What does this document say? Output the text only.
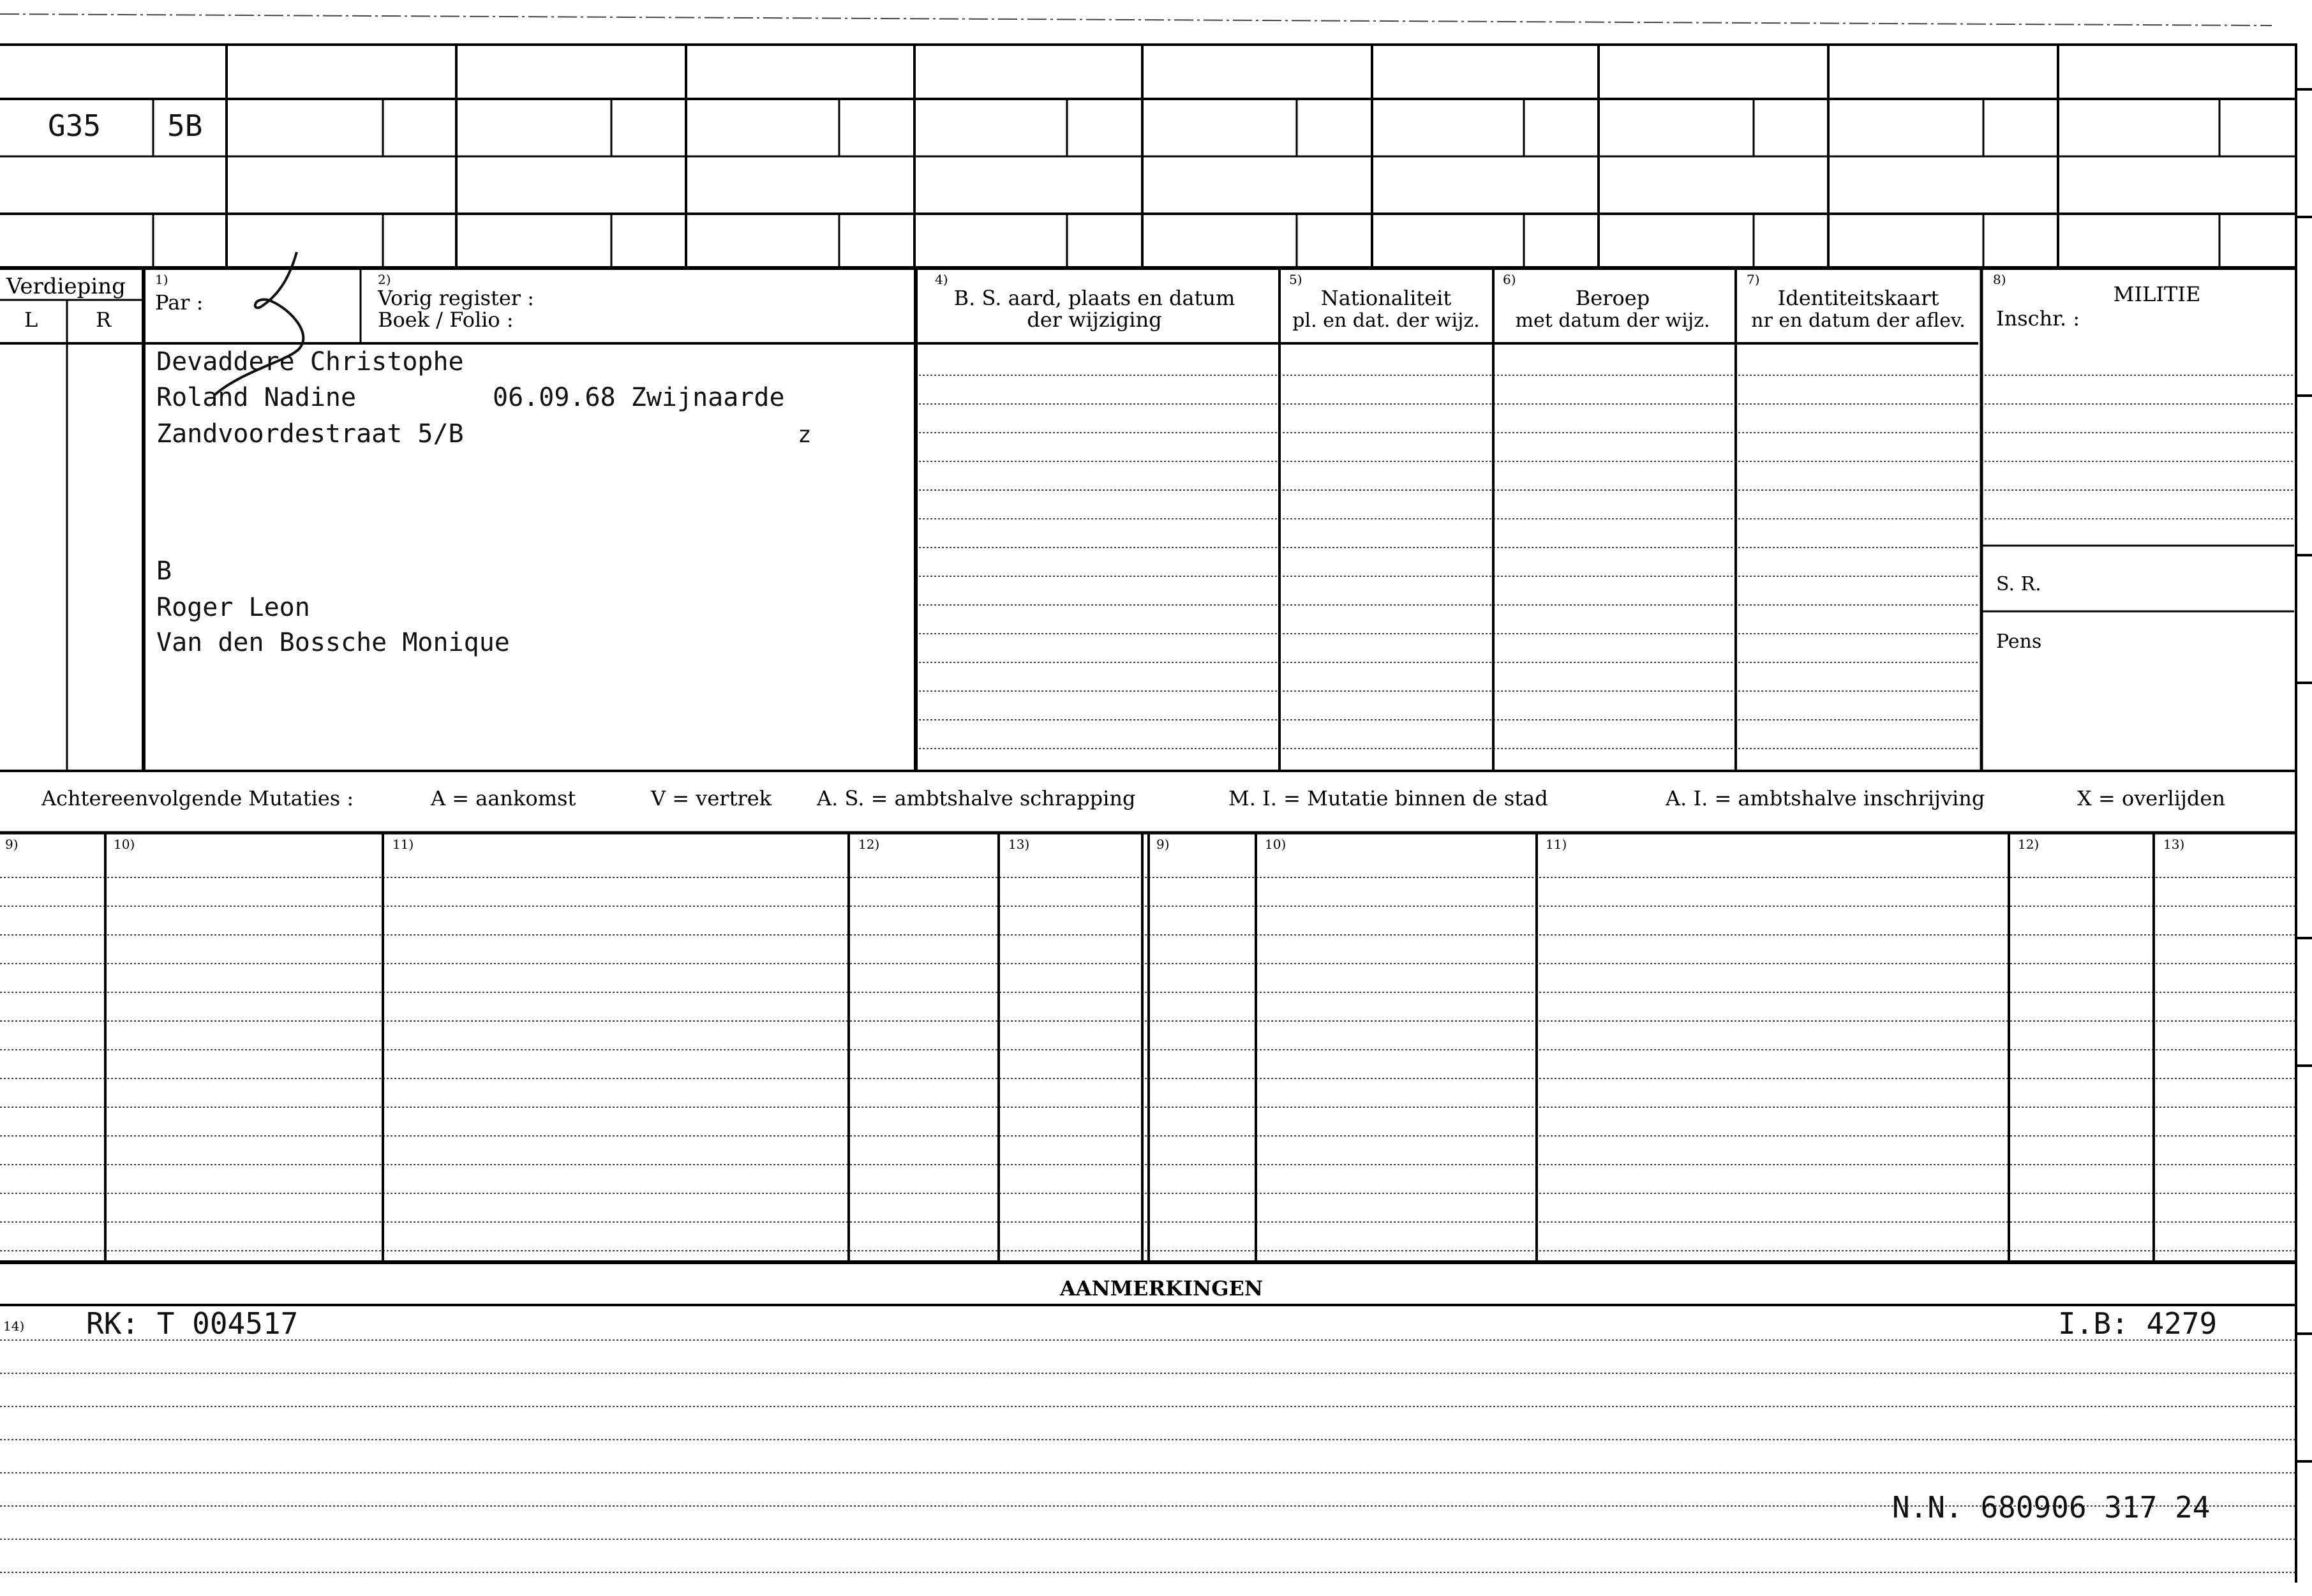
G35 5B
Verdieping
L	R
1)
Par :
2)
Vorig register :
Boek / Folio :
4)
B. S. aard, plaats en datum
der wijziging
5)
Nationaliteit
pl. en dat. der wijz.
6)
Beroep
met datum der wijz.
7)
Identiteitskaart
nr en datum der aflev.
8)
MILITIE
Inschr. :
Devaddere Christophe
Roland Nadine	06.09.68 Zwijnaarde
Zandvoordestraat 5/B	z
B
Roger Leon
Van den Bossche Monique
S. R.
Pens
Achtereenvolgende Mutaties :	A = aankomst	V = vertrek A. S. = ambtshalve schrapping	M. I. = Mutatie binnen de stad	A. I. = ambtshalve inschrijving	X = overlijden
9)	10)	11)	12)	13)	9)	10)	11)	12)	13)
AANMERKINGEN
14) RK: T 004517	I.B: 4279
N.N. 680906 317 24
